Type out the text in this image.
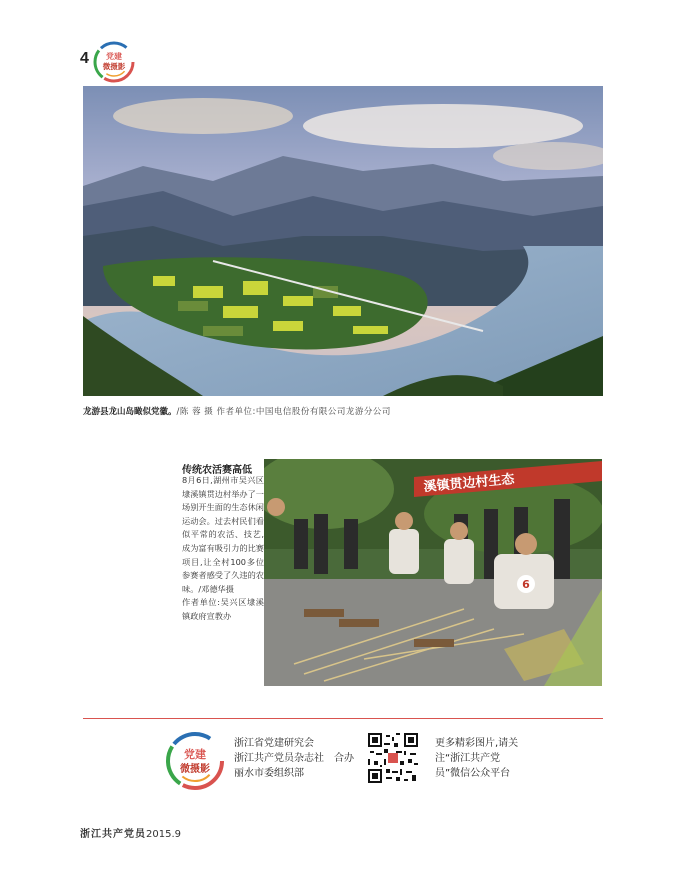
4 党建
微摄影
龙游县龙山岛瞰似党徽。/陈 蓉 摄 作者单位:中国电信股份有限公司龙游分公司
传统农活赛高低

8月6日,湖州市吴兴区埭溪镇贯边村举办了一场别开生面的生态休闲运动会。过去村民们看似平常的农活、技艺,成为富有吸引力的比赛项目,让全村100多位参赛者感受了久违的农味。/邓德华摄

作者单位:吴兴区埭溪镇政府宣教办

溪镇贯边村生态
6
党建
微摄影
浙江省党建研究会
浙江共产党员杂志社 合办
丽水市委组织部
更多精彩图片,请关注“浙江共产党员”微信公众平台
浙江共产党员2015.9
